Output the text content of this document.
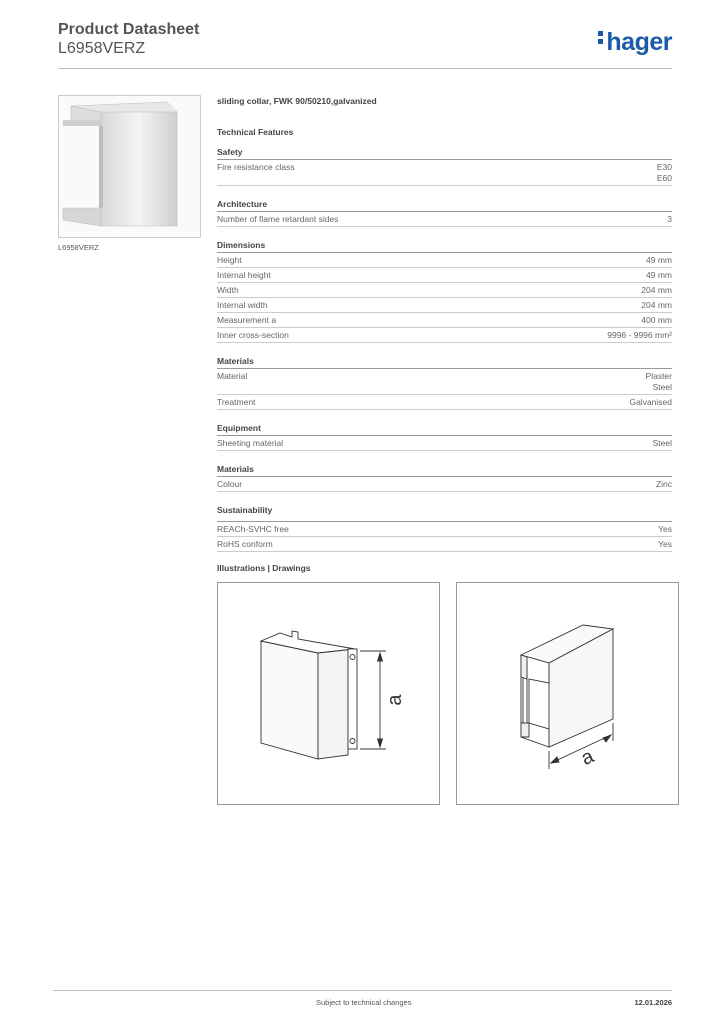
Product Datasheet
L6958VERZ	hager
L6958VERZ
sliding collar, FWK 90/50210,galvanized
Technical Features
Safety
Fire resistance class	E30
E60
Architecture
Number of flame retardant sides	3
Dimensions
Height	49 mm
Internal height	49 mm
Width	204 mm
Internal width	204 mm
Measurement a	400 mm
Inner cross-section	9996 - 9996 mm²
Materials
Material	Plaster
Steel
Treatment	Galvanised
Equipment
Sheeting material	Steel
Materials
Colour	Zinc
Sustainability
REACh-SVHC free	Yes
RoHS conform	Yes
Illustrations | Drawings
a
a
Subject to technical changes	12.01.2026
